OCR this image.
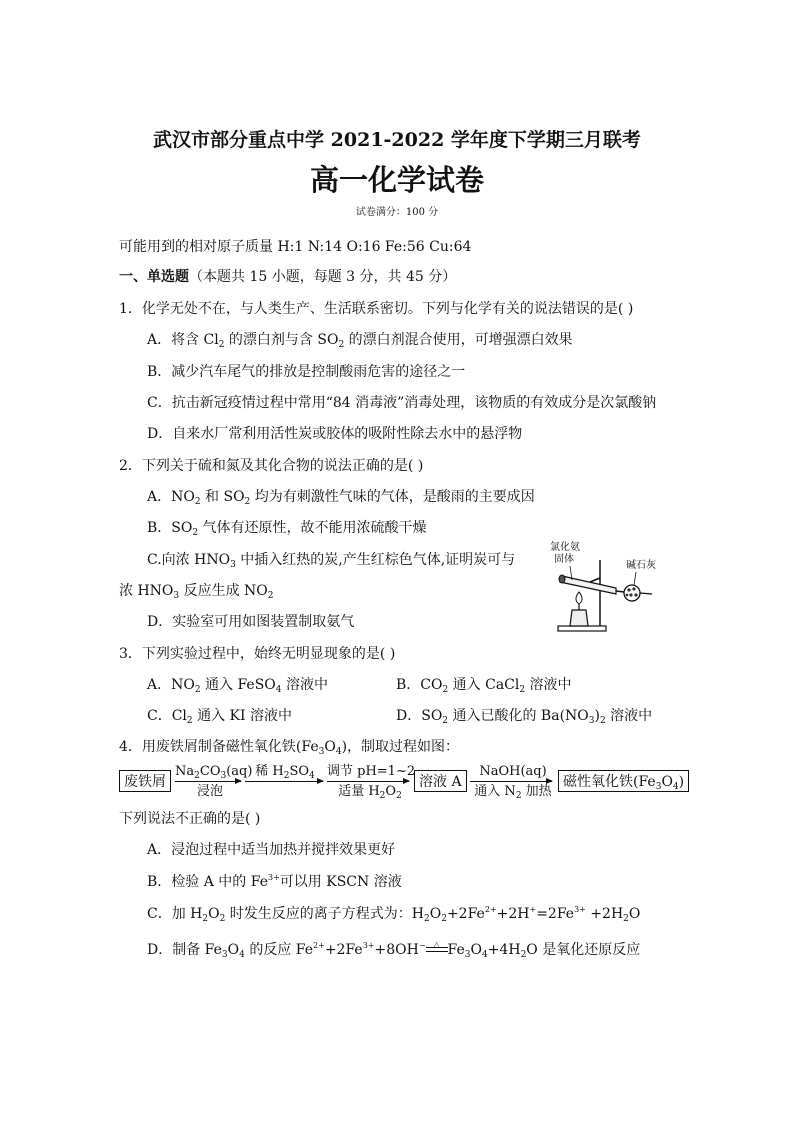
武汉市部分重点中学 2021-2022 学年度下学期三月联考
高一化学试卷
试卷满分：100 分
可能用到的相对原子质量 H:1 N:14 O:16 Fe:56 Cu:64
一、单选题（本题共 15 小题，每题 3 分，共 45 分）
1．化学无处不在，与人类生产、生活联系密切。下列与化学有关的说法错误的是( )
A．将含 $Cl_2$ 的漂白剂与含 $SO_2$ 的漂白剂混合使用，可增强漂白效果
B．减少汽车尾气的排放是控制酸雨危害的途径之一
C．抗击新冠疫情过程中常用“84 消毒液”消毒处理，该物质的有效成分是次氯酸钠
D．自来水厂常利用活性炭或胶体的吸附性除去水中的悬浮物
2．下列关于硫和氮及其化合物的说法正确的是( )
A．$NO_2$ 和 $SO_2$ 均为有刺激性气味的气体，是酸雨的主要成因
B．$SO_2$ 气体有还原性，故不能用浓硫酸干燥
C.向浓 $HNO_3$ 中插入红热的炭,产生红棕色气体,证明炭可与
浓 $HNO_3$ 反应生成 $NO_2$
D．实验室可用如图装置制取氨气
氯化氨
固体
碱石灰
3．下列实验过程中，始终无明显现象的是( )
A．$NO_2$ 通入 FeSO$_4$ 溶液中	B．$CO_2$ 通入 CaCl$_2$ 溶液中
C．$Cl_2$ 通入 KI 溶液中	D．$SO_2$ 通入已酸化的 $Ba(NO_3)_2$ 溶液中
4．用废铁屑制备磁性氧化铁$(Fe_3O_4)$，制取过程如图：
废铁屑
$Na_2CO_3(aq)$
浸泡
稀 $H_2SO_4$ 调节 pH=1~2
适量 $H_2O_2$
溶液 A
NaOH(aq)
通入 $N_2$ 加热
磁性氧化铁$(Fe_3O_4)$
下列说法不正确的是( )
A．浸泡过程中适当加热并搅拌效果更好
B．检验 A 中的 $Fe^{3+}$可以用 KSCN 溶液
C．加 $H_2O_2$ 时发生反应的离子方程式为：$H_2O_2+2Fe^{2+}+2H^+=2Fe^{3+} +2H_2O$
D．制备 $Fe_3O_4$ 的反应 $Fe^{2+}+2Fe^{3+}+8OH^-$ △ $Fe_3O_4+4H_2O$ 是氧化还原反应
